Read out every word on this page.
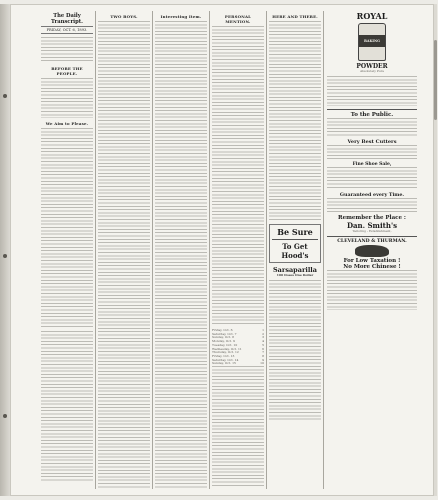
The Daily Transcript.
FRIDAY, OCT. 6, 1893.
BEFORE THE PEOPLE.
We Aim to Please.
TWO BOYS.	Interesting Item.	PERSONAL MENTION.
Friday, Oct. 6	1
Saturday, Oct. 7	2
Sunday, Oct. 8	3
Monday, Oct. 9	4
Tuesday, Oct. 10	5
Wednesday, Oct. 11	6
Thursday, Oct. 12	7
Friday, Oct. 13	8
Saturday, Oct. 14	9
Sunday, Oct. 15	10
HERE AND THERE.
Be Sure
To Get
Hood's
Sarsaparilla
100 Doses One Dollar
ROYAL
BAKING
POWDER
Absolutely Pure
To the Public.
Very Best Cutters
Fine Shoe Sale,
Guaranteed every Time.
Remember the Place :
Dan. Smith's
Tailoring - Establishment,
CLEVELAND & THURMAN.
For Low Taxation !
No More Chinese !
